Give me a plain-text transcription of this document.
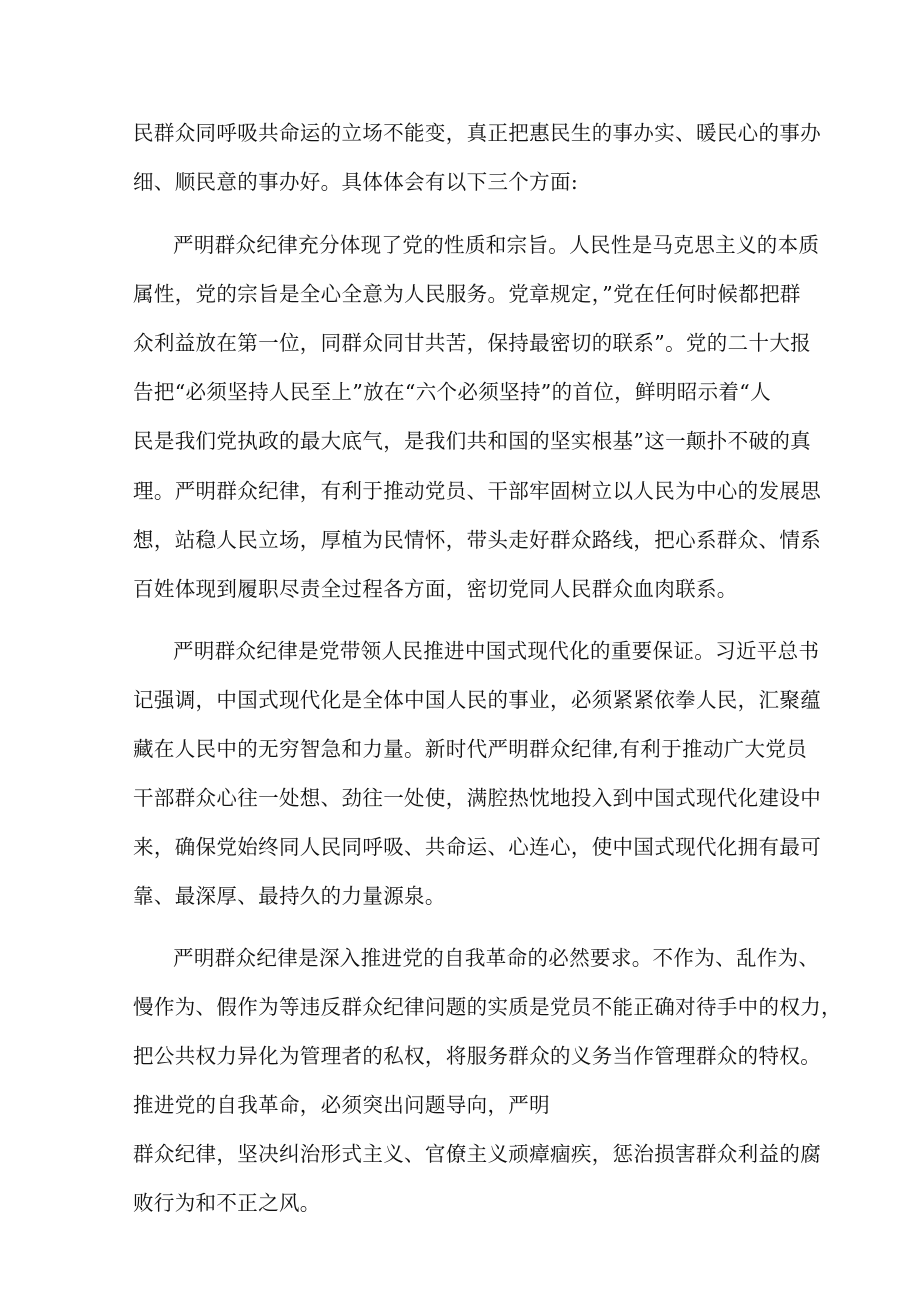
民群众同呼吸共命运的立场不能变，真正把惠民生的事办实、暖民心的事办

细、顺民意的事办好。具体体会有以下三个方面:

严明群众纪律充分体现了党的性质和宗旨。人民性是马克思主义的本质

属性，党的宗旨是全心全意为人民服务。党章规定，”党在任何时候都把群

众利益放在第一位，同群众同甘共苦，保持最密切的联系”。党的二十大报

告把“必须坚持人民至上”放在“六个必须坚持”的首位，鲜明昭示着“人

民是我们党执政的最大底气，是我们共和国的坚实根基”这一颠扑不破的真

理。严明群众纪律，有利于推动党员、干部牢固树立以人民为中心的发展思

想，站稳人民立场，厚植为民情怀，带头走好群众路线，把心系群众、情系

百姓体现到履职尽责全过程各方面，密切党同人民群众血肉联系。

严明群众纪律是党带领人民推进中国式现代化的重要保证。习近平总书

记强调，中国式现代化是全体中国人民的事业，必须紧紧依拳人民，汇聚蕴

藏在人民中的无穷智急和力量。新时代严明群众纪律,有利于推动广大党员

干部群众心往一处想、劲往一处使，满腔热忱地投入到中国式现代化建设中

来，确保党始终同人民同呼吸、共命运、心连心，使中国式现代化拥有最可

靠、最深厚、最持久的力量源泉。

严明群众纪律是深入推进党的自我革命的必然要求。不作为、乱作为、

慢作为、假作为等违反群众纪律问题的实质是党员不能正确对待手中的权力，

把公共权力异化为管理者的私权，将服务群众的义务当作管理群众的特权。

推进党的自我革命，必须突出问题导向，严明

群众纪律，坚决纠治形式主义、官僚主义顽瘴痼疾，惩治损害群众利益的腐

败行为和不正之风。
